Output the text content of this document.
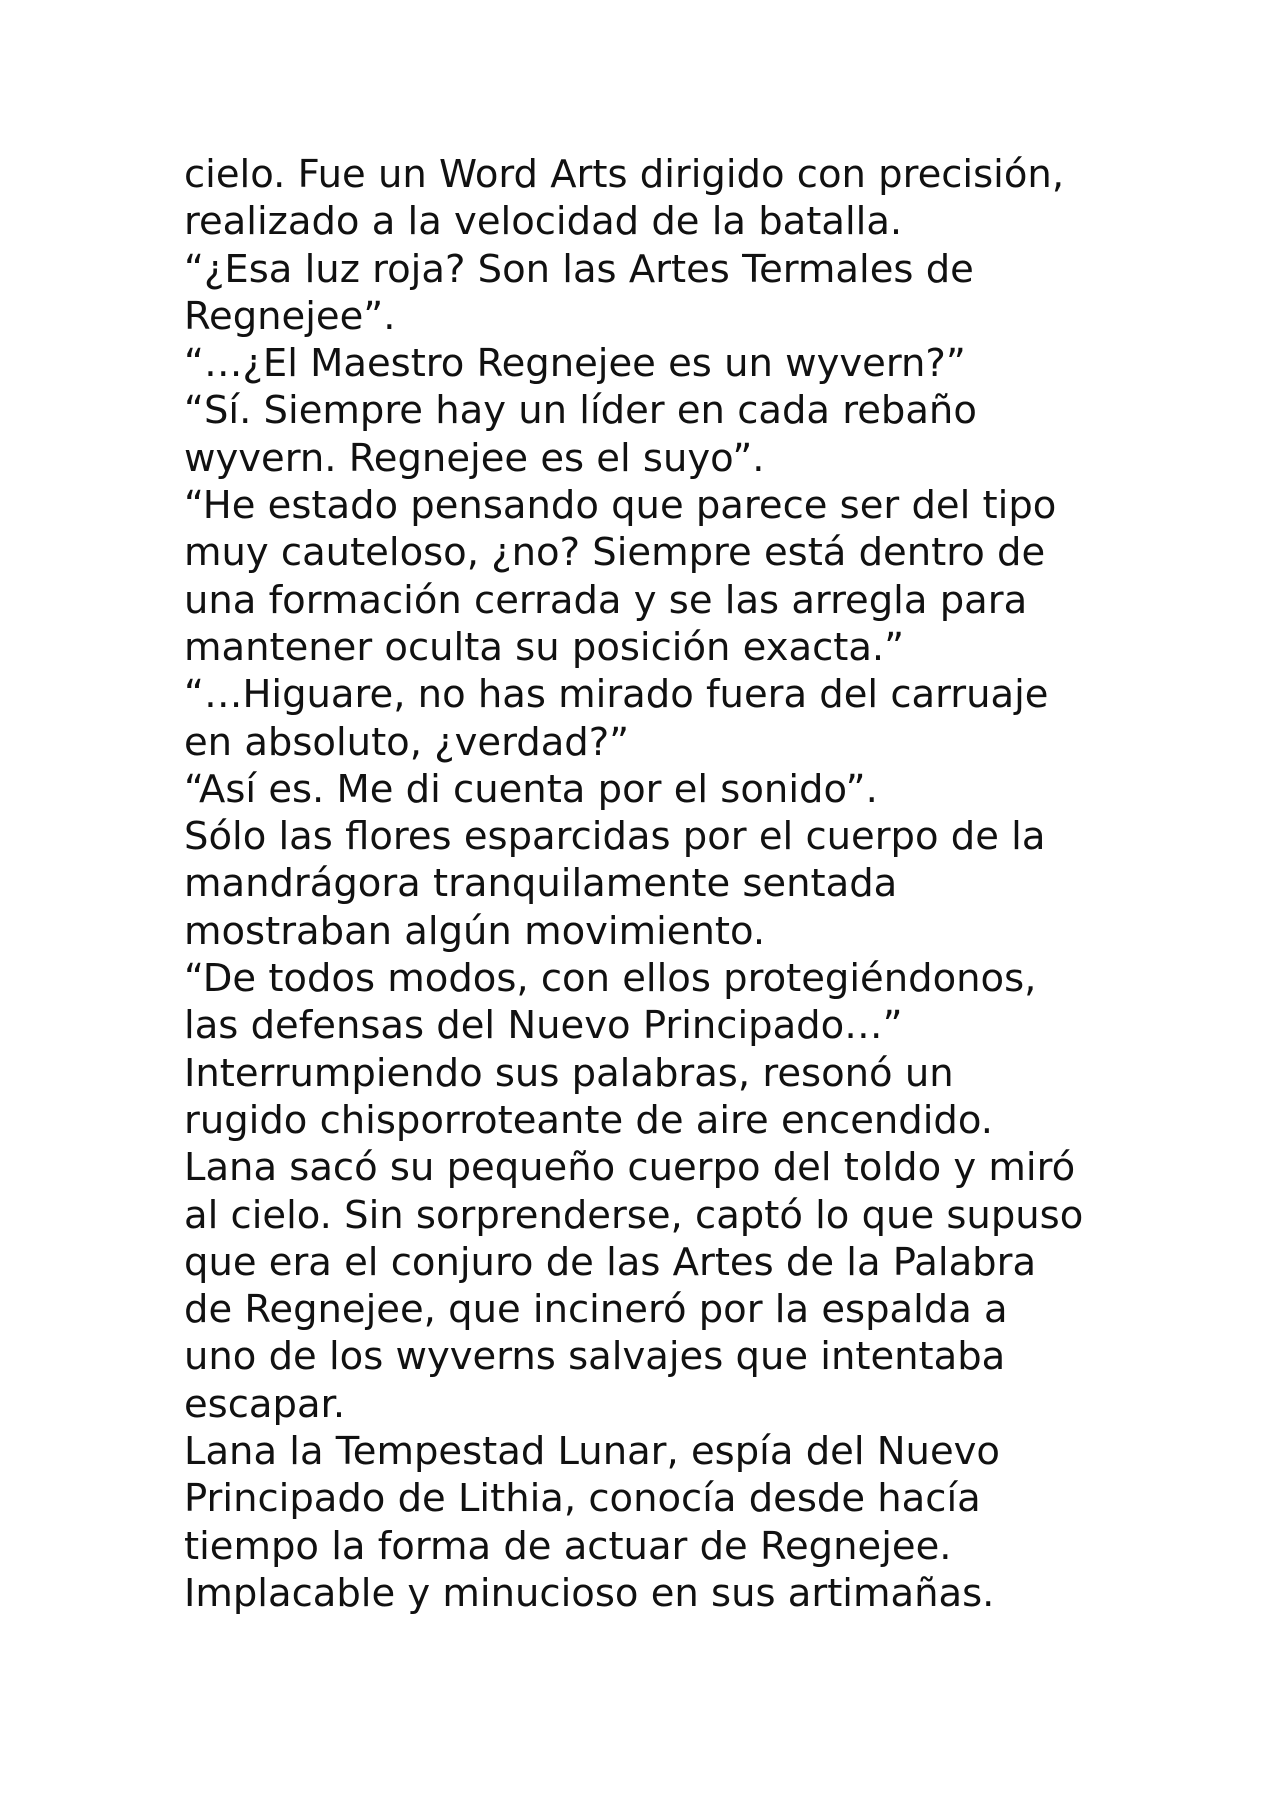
cielo. Fue un Word Arts dirigido con precisión,
realizado a la velocidad de la batalla.
“¿Esa luz roja? Son las Artes Termales de
Regnejee”.
“…¿El Maestro Regnejee es un wyvern?”
“Sí. Siempre hay un líder en cada rebaño
wyvern. Regnejee es el suyo”.
“He estado pensando que parece ser del tipo
muy cauteloso, ¿no? Siempre está dentro de
una formación cerrada y se las arregla para
mantener oculta su posición exacta.”
“…Higuare, no has mirado fuera del carruaje
en absoluto, ¿verdad?”
“Así es. Me di cuenta por el sonido”.
Sólo las flores esparcidas por el cuerpo de la
mandrágora tranquilamente sentada
mostraban algún movimiento.
“De todos modos, con ellos protegiéndonos,
las defensas del Nuevo Principado…”
Interrumpiendo sus palabras, resonó un
rugido chisporroteante de aire encendido.
Lana sacó su pequeño cuerpo del toldo y miró
al cielo. Sin sorprenderse, captó lo que supuso
que era el conjuro de las Artes de la Palabra
de Regnejee, que incineró por la espalda a
uno de los wyverns salvajes que intentaba
escapar.
Lana la Tempestad Lunar, espía del Nuevo
Principado de Lithia, conocía desde hacía
tiempo la forma de actuar de Regnejee.
Implacable y minucioso en sus artimañas.
